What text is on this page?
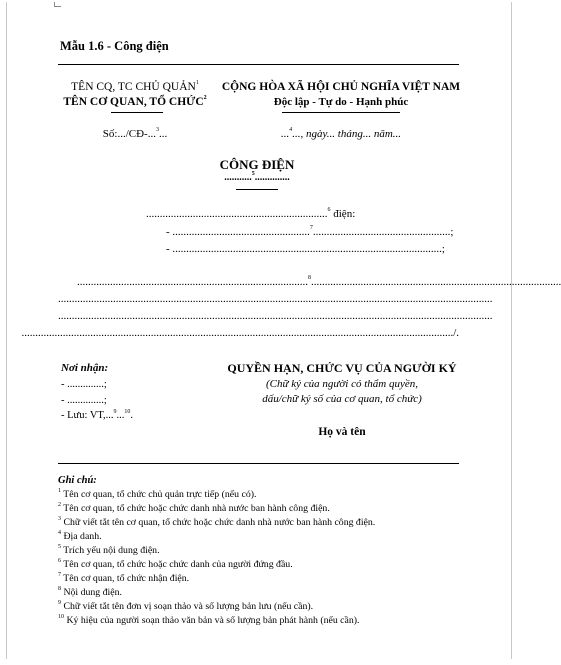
Mẫu 1.6 - Công điện
TÊN CQ, TC CHỦ QUẢN$^1$
TÊN CƠ QUAN, TỔ CHỨC$^2$
Số:.../CĐ-...$^3$...
CỘNG HÒA XÃ HỘI CHỦ NGHĨA VIỆT NAM
Độc lập - Tự do - Hạnh phúc
...$^4$..., ngày... tháng... năm...
CÔNG ĐIỆN
...........$^5$..............
..................................................................$^6$ điện:
- ..................................................$^7$..................................................;
- ..................................................................................................;
....................................................................................$^8$...........................................................................................
..............................................................................................................................................................
..............................................................................................................................................................
............................................................................................................................................................./.
Nơi nhận:
- ..............;
- ..............;
- Lưu: VT,...$^9$...$^{10}$.
QUYỀN HẠN, CHỨC VỤ CỦA NGƯỜI KÝ
(Chữ ký của người có thẩm quyền,
dấu/chữ ký số của cơ quan, tổ chức)
Họ và tên
Ghi chú:
$^1$ Tên cơ quan, tổ chức chủ quản trực tiếp (nếu có).
$^2$ Tên cơ quan, tổ chức hoặc chức danh nhà nước ban hành công điện.
$^3$ Chữ viết tắt tên cơ quan, tổ chức hoặc chức danh nhà nước ban hành công điện.
$^4$ Địa danh.
$^5$ Trích yếu nội dung điện.
$^6$ Tên cơ quan, tổ chức hoặc chức danh của người đứng đầu.
$^7$ Tên cơ quan, tổ chức nhận điện.
$^8$ Nội dung điện.
$^9$ Chữ viết tắt tên đơn vị soạn thảo và số lượng bản lưu (nếu cần).
$^{10}$ Ký hiệu của người soạn thảo văn bản và số lượng bản phát hành (nếu cần).
